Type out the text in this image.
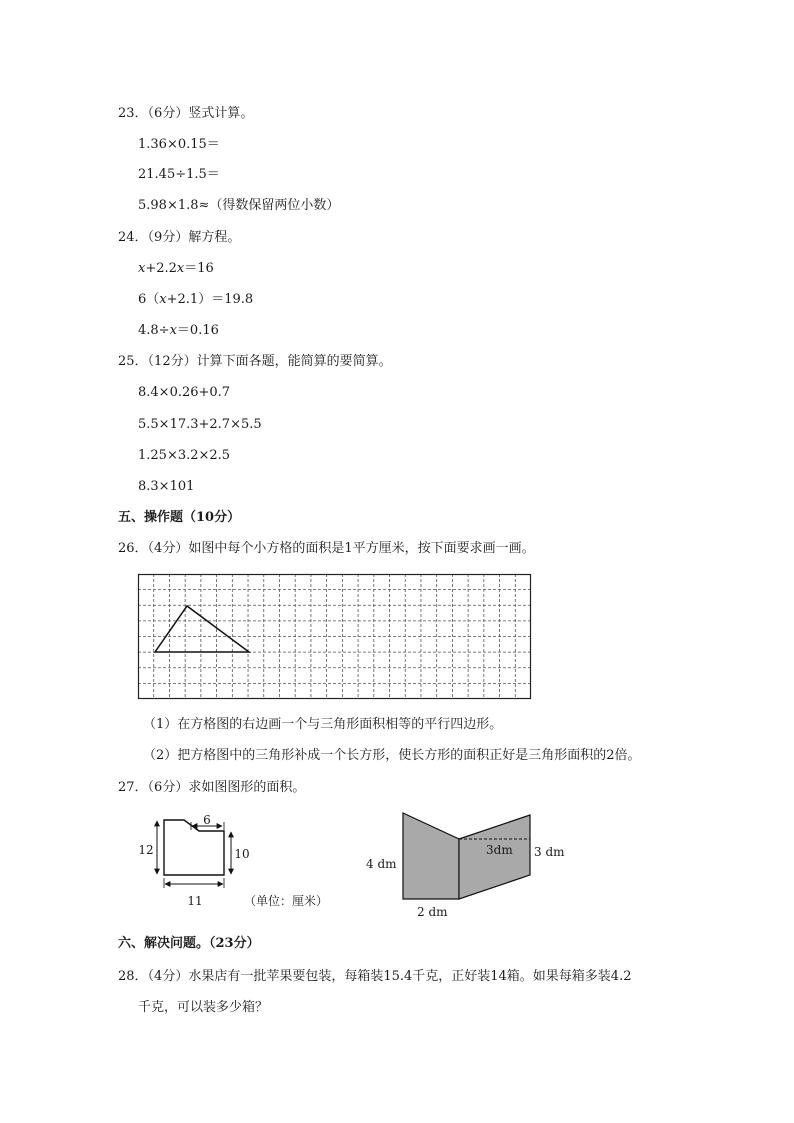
23．（6分）竖式计算。
1.36×0.15＝
21.45÷1.5＝
5.98×1.8≈（得数保留两位小数）
24．（9分）解方程。
x+2.2x＝16
6（x+2.1）＝19.8
4.8÷x＝0.16
25．（12分）计算下面各题，能简算的要简算。
8.4×0.26+0.7
5.5×17.3+2.7×5.5
1.25×3.2×2.5
8.3×101
五、操作题（10分）
26．（4分）如图中每个小方格的面积是1平方厘米，按下面要求画一画。
（1）在方格图的右边画一个与三角形面积相等的平行四边形。
（2）把方格图中的三角形补成一个长方形，使长方形的面积正好是三角形面积的2倍。
27．（6分）求如图图形的面积。
6
12	10
11	（单位：厘米）
4 dm
3dm 3 dm
2 dm
六、解决问题。（23分）
28．（4分）水果店有一批苹果要包装，每箱装15.4千克，正好装14箱。如果每箱多装4.2
千克，可以装多少箱？
